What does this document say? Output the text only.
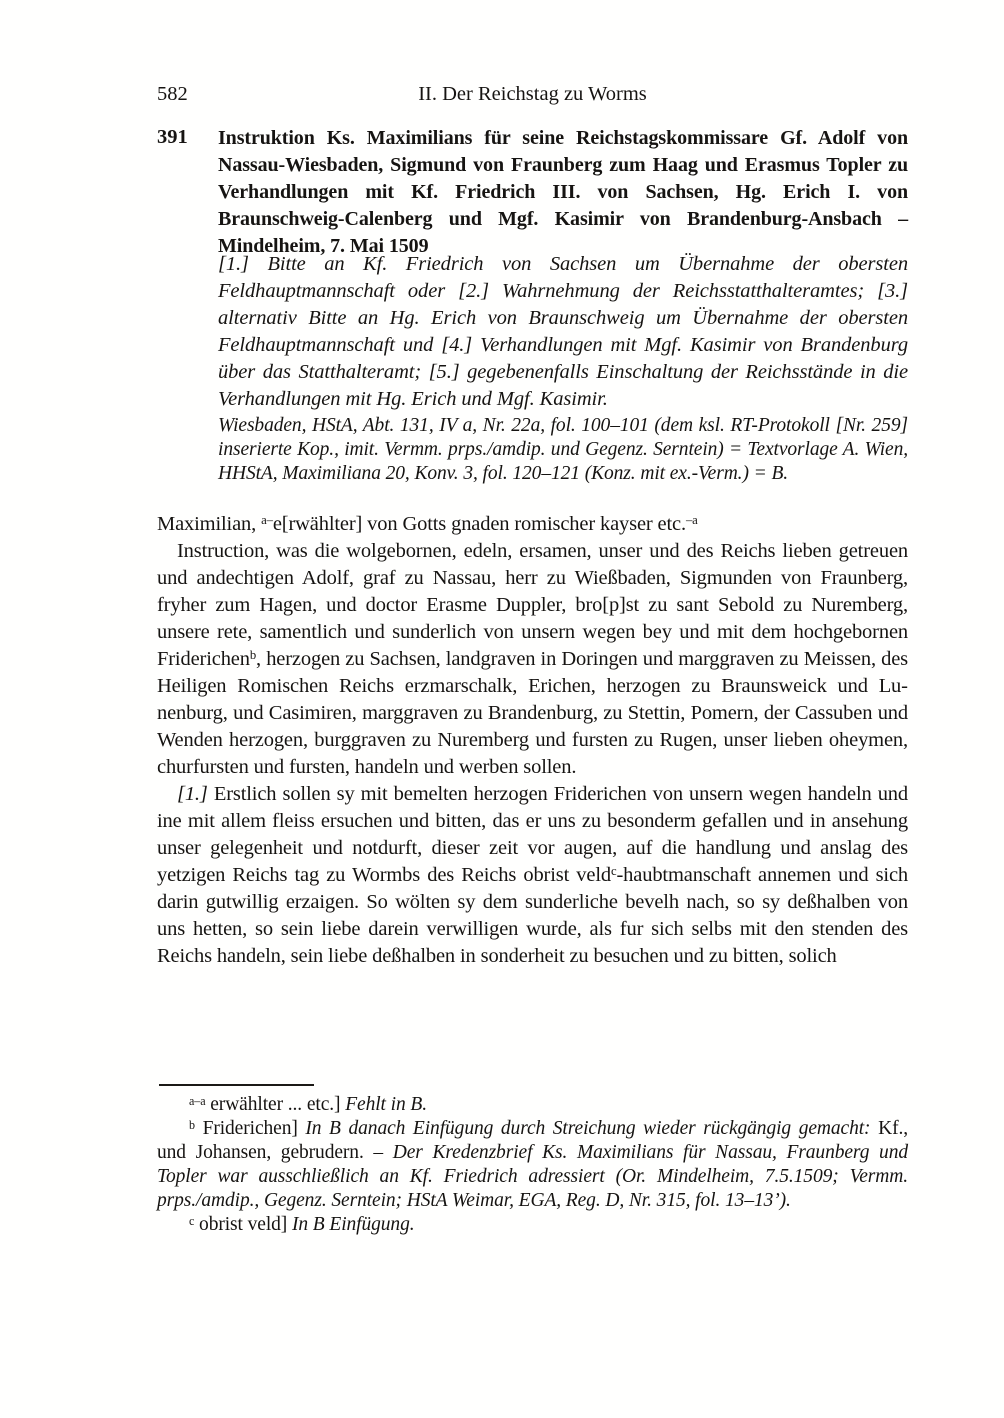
582	II. Der Reichstag zu Worms
391 Instruktion Ks. Maximilians für seine Reichstagskommissare Gf. Adolf von Nassau-Wiesbaden, Sigmund von Fraunberg zum Haag und Erasmus Topler zu Verhandlungen mit Kf. Friedrich III. von Sachsen, Hg. Erich I. von Braunschweig-Calenberg und Mgf. Kasimir von Brandenburg-Ansbach – Mindelheim, 7. Mai 1509

[1.] Bitte an Kf. Friedrich von Sachsen um Übernahme der obersten Feldhauptmannschaft oder [2.] Wahrnehmung der Reichsstatthalteramtes; [3.] alternativ Bitte an Hg. Erich von Braunschweig um Übernahme der obersten Feldhauptmannschaft und [4.] Verhandlungen mit Mgf. Kasimir von Brandenburg über das Statthalteramt; [5.] gegebenenfalls Einschaltung der Reichsstände in die Verhandlungen mit Hg. Erich und Mgf. Kasimir.

Wiesbaden, HStA, Abt. 131, IV a, Nr. 22a, fol. 100–101 (dem ksl. RT-Protokoll [Nr. 259] inserierte Kop., imit. Vermm. prps./amdip. und Gegenz. Serntein) = Textvorlage A. Wien, HHStA, Maximiliana 20, Konv. 3, fol. 120–121 (Konz. mit ex.-Verm.) = B.

Maximilian, $^{a-}$e[rwählter] von Gotts gnaden romischer kayser etc.$^{-a}$

Instruction, was die wolgebornen, edeln, ersamen, unser und des Reichs lieben getreuen und andechtigen Adolf, graf zu Nassau, herr zu Wießbaden, Sigmunden von Fraunberg, fryher zum Hagen, und doctor Erasme Duppler, bro[p]st zu sant Sebold zu Nuremberg, unsere rete, samentlich und sunderlich von unsern wegen bey und mit dem hochgebornen Friderichen$^b$, herzogen zu Sachsen, landgraven in Doringen und marggraven zu Meissen, des Heiligen Romischen Reichs erzmarschalk, Erichen, herzogen zu Braunsweick und Lunenburg, und Casimiren, marggraven zu Brandenburg, zu Stettin, Pomern, der Cassuben und Wenden herzogen, burggraven zu Nuremberg und fursten zu Rugen, unser lieben oheymen, churfursten und fursten, handeln und werben sollen.

[1.] Erstlich sollen sy mit bemelten herzogen Friderichen von unsern wegen handeln und ine mit allem fleiss ersuchen und bitten, das er uns zu besonderm gefallen und in ansehung unser gelegenheit und notdurft, dieser zeit vor augen, auf die handlung und anslag des yetzigen Reichs tag zu Wormbs des Reichs obrist veld$^c$-haubtmanschaft annemen und sich darin gutwillig erzaigen. So wölten sy dem sunderliche bevelh nach, so sy deßhalben von uns hetten, so sein liebe darein verwilligen wurde, als fur sich selbs mit den stenden des Reichs handeln, sein liebe deßhalben in sonderheit zu besuchen und zu bitten, solich

$^{a-a}$ erwählter ... etc.] Fehlt in B.

$^b$ Friderichen] In B danach Einfügung durch Streichung wieder rückgängig gemacht: Kf., und Johansen, gebrudern. – Der Kredenzbrief Ks. Maximilians für Nassau, Fraunberg und Topler war ausschließlich an Kf. Friedrich adressiert (Or. Mindelheim, 7.5.1509; Vermm. prps./amdip., Gegenz. Serntein; HStA Weimar, EGA, Reg. D, Nr. 315, fol. 13–13’).

$^c$ obrist veld] In B Einfügung.
